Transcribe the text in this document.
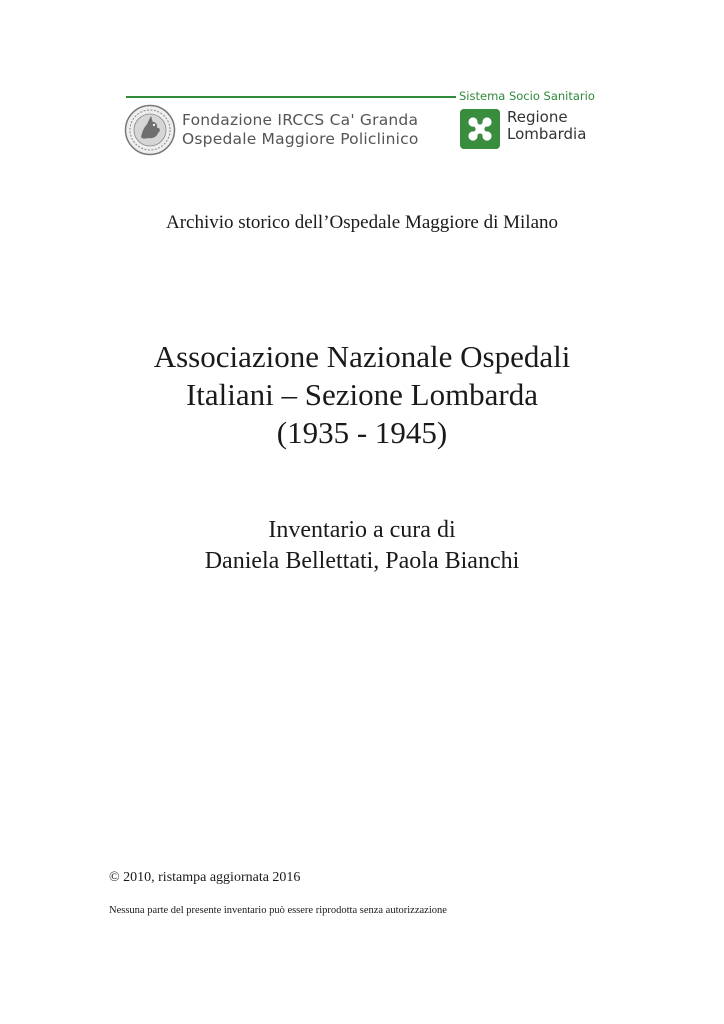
Fondazione IRCCS Ca' Granda
Ospedale Maggiore Policlinico
Sistema Socio Sanitario
Regione
Lombardia
Archivio storico dell’Ospedale Maggiore di Milano
Associazione Nazionale Ospedali
Italiani – Sezione Lombarda
(1935 - 1945)
Inventario a cura di
Daniela Bellettati, Paola Bianchi
© 2010, ristampa aggiornata 2016
Nessuna parte del presente inventario può essere riprodotta senza autorizzazione
